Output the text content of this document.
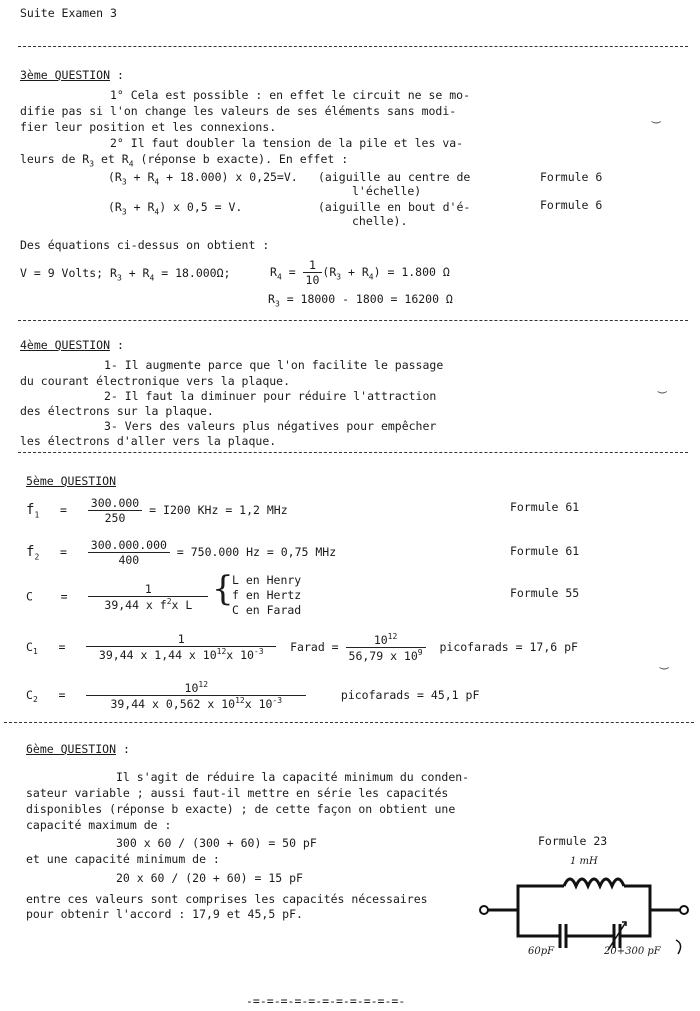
Suite Examen 3
3ème QUESTION :
1° Cela est possible : en effet le circuit ne se mo-
difie pas si l'on change les valeurs de ses éléments sans modi-
fier leur position et les connexions.
2° Il faut doubler la tension de la pile et les va-
leurs de $R_3$ et $R_4$ (réponse b exacte). En effet :
$(R_3 + R_4 + 18.000)$ x 0,25=V. (aiguille au centre de
l'échelle)
Formule 6
$(R_3 + R_4)$ x 0,5 = V.	(aiguille en bout d'é-
chelle).
Formule 6
Des équations ci-dessus on obtient :
V = 9 Volts; $R_3 + R_4 = 18.000\Omega$;	$R_4 = \frac{1}{10} (R_3 + R_4) = 1.800$ Ω
$R_3 = 18000 - 1800 = 16200$ Ω
‿
4ème QUESTION :
1- Il augmente parce que l'on facilite le passage
du courant électronique vers la plaque.
2- Il faut la diminuer pour réduire l'attraction
des électrons sur la plaque.
3- Vers des valeurs plus négatives pour empêcher
les électrons d'aller vers la plaque.
‿
5ème QUESTION
$f_1 = \frac{300.000}{250} = I200$ KHz = 1,2 MHz	Formule 61
$f_2 = \frac{300.000.000}{400} = 750.000$ Hz = 0,75 MHz	Formule 61
$C = \frac{1}{39,44 x f^2x L}$ {
L en Henry
f en Hertz
C en Farad
Formule 55
$C_1 = \frac{1}{39,44 x 1,44 x 10^{12}x 10^{-3}}$ Farad = $\frac{10^{12}}{56,79 x 10^9}$ picofarads = 17,6 pF
‿
$C_2 = \frac{10^{12}}{39,44 x 0,562 x 10^{12}x 10^{-3}}$	picofarads = 45,1 pF
6ème QUESTION :
Il s'agit de réduire la capacité minimum du conden-
sateur variable ; aussi faut-il mettre en série les capacités
disponibles (réponse b exacte) ; de cette façon on obtient une
capacité maximum de :
300 x 60 / (300 + 60) = 50 pF
et une capacité minimum de :
20 x 60 / (20 + 60) = 15 pF
entre ces valeurs sont comprises les capacités nécessaires
pour obtenir l'accord : 17,9 et 45,5 pF.
Formule 23
1 mH
60pF	20+300 pF
-=-=-=-=-=-=-=-=-=-=-=-
